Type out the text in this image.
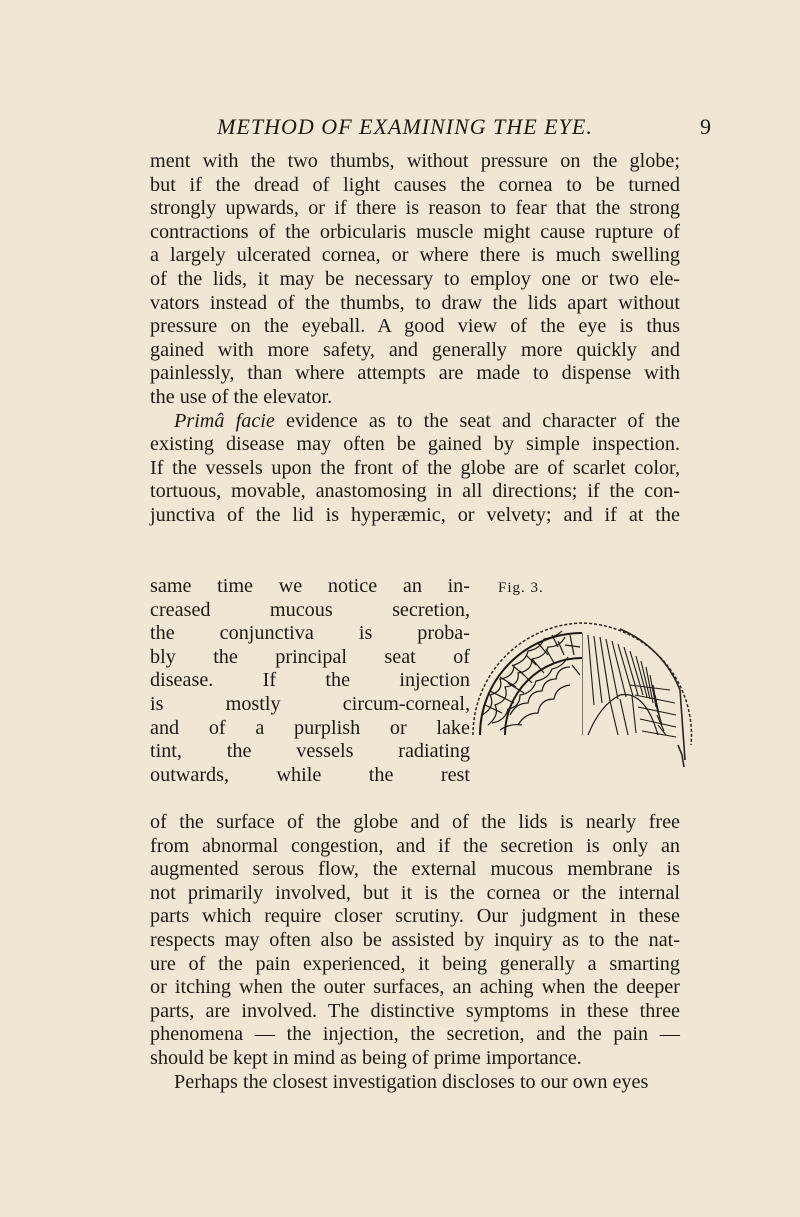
METHOD OF EXAMINING THE EYE.	9
ment with the two thumbs, without pressure on the globe;
but if the dread of light causes the cornea to be turned
strongly upwards, or if there is reason to fear that the strong
contractions of the orbicularis muscle might cause rupture of
a largely ulcerated cornea, or where there is much swelling
of the lids, it may be necessary to employ one or two ele-
vators instead of the thumbs, to draw the lids apart without
pressure on the eyeball. A good view of the eye is thus
gained with more safety, and generally more quickly and
painlessly, than where attempts are made to dispense with
the use of the elevator.
Primâ facie evidence as to the seat and character of the
existing disease may often be gained by simple inspection.
If the vessels upon the front of the globe are of scarlet color,
tortuous, movable, anastomosing in all directions; if the con-
junctiva of the lid is hyperæmic, or velvety; and if at the
same time we notice an in-
creased mucous secretion,
the conjunctiva is proba-
bly the principal seat of
disease. If the injection
is mostly circum-corneal,
and of a purplish or lake
tint, the vessels radiating
outwards, while the rest
Fig. 3.
of the surface of the globe and of the lids is nearly free
from abnormal congestion, and if the secretion is only an
augmented serous flow, the external mucous membrane is
not primarily involved, but it is the cornea or the internal
parts which require closer scrutiny. Our judgment in these
respects may often also be assisted by inquiry as to the nat-
ure of the pain experienced, it being generally a smarting
or itching when the outer surfaces, an aching when the deeper
parts, are involved. The distinctive symptoms in these three
phenomena — the injection, the secretion, and the pain —
should be kept in mind as being of prime importance.
Perhaps the closest investigation discloses to our own eyes
